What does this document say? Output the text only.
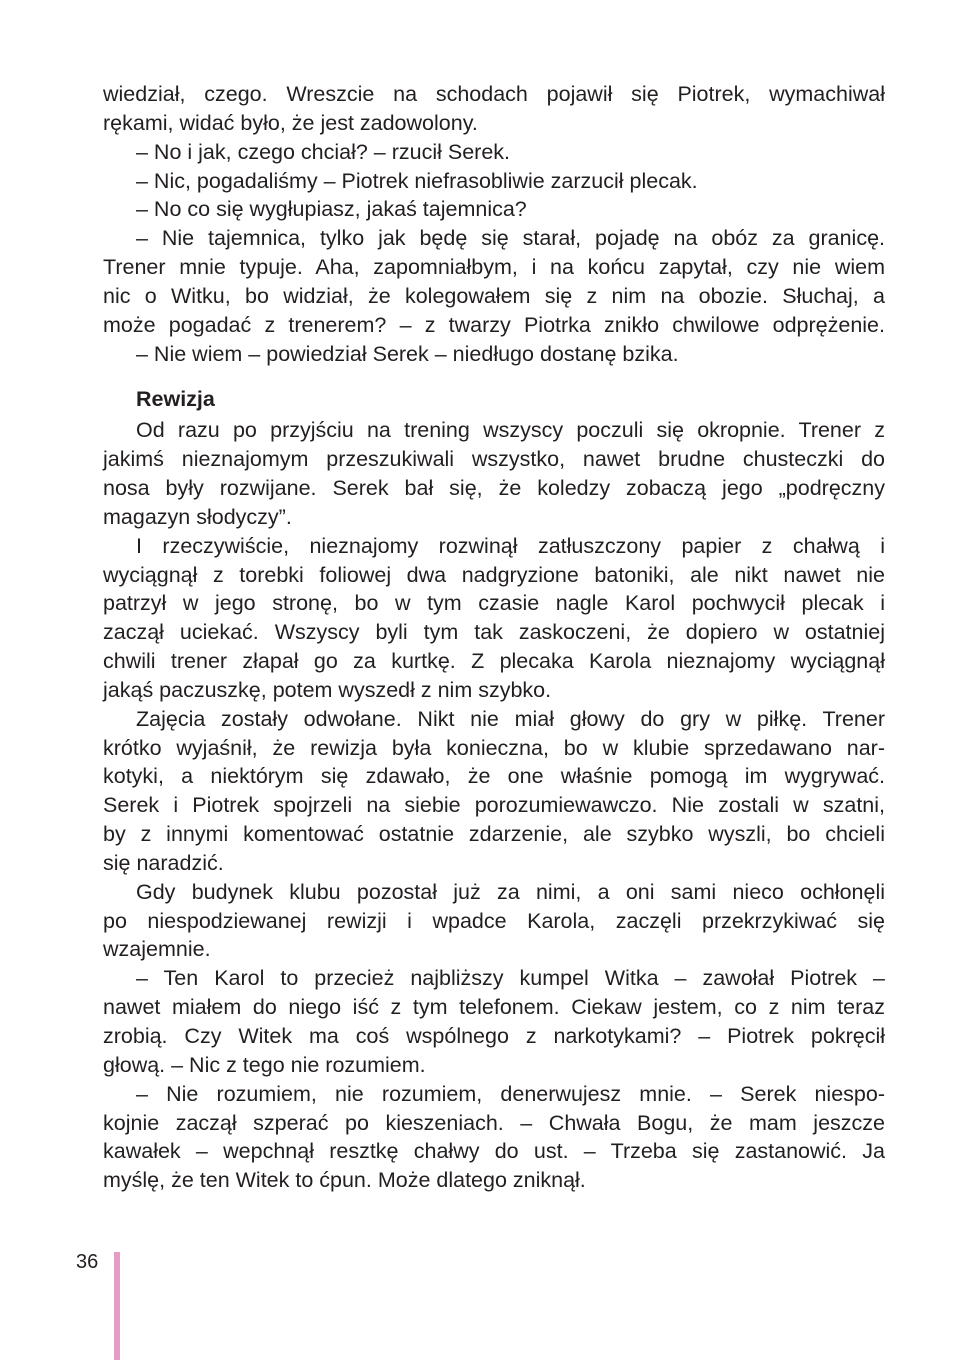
wiedział, czego. Wreszcie na schodach pojawił się Piotrek, wymachiwał
rękami, widać było, że jest zadowolony.
– No i jak, czego chciał? – rzucił Serek.
– Nic, pogadaliśmy – Piotrek niefrasobliwie zarzucił plecak.
– No co się wygłupiasz, jakaś tajemnica?
– Nie tajemnica, tylko jak będę się starał, pojadę na obóz za granicę.
Trener mnie typuje. Aha, zapomniałbym, i na końcu zapytał, czy nie wiem
nic o Witku, bo widział, że kolegowałem się z nim na obozie. Słuchaj, a
może pogadać z trenerem? – z twarzy Piotrka znikło chwilowe odprężenie.
– Nie wiem – powiedział Serek – niedługo dostanę bzika.
Rewizja
Od razu po przyjściu na trening wszyscy poczuli się okropnie. Trener z
jakimś nieznajomym przeszukiwali wszystko, nawet brudne chusteczki do
nosa były rozwijane. Serek bał się, że koledzy zobaczą jego „podręczny
magazyn słodyczy”.
I rzeczywiście, nieznajomy rozwinął zatłuszczony papier z chałwą i
wyciągnął z torebki foliowej dwa nadgryzione batoniki, ale nikt nawet nie
patrzył w jego stronę, bo w tym czasie nagle Karol pochwycił plecak i
zaczął uciekać. Wszyscy byli tym tak zaskoczeni, że dopiero w ostatniej
chwili trener złapał go za kurtkę. Z plecaka Karola nieznajomy wyciągnął
jakąś paczuszkę, potem wyszedł z nim szybko.
Zajęcia zostały odwołane. Nikt nie miał głowy do gry w piłkę. Trener
krótko wyjaśnił, że rewizja była konieczna, bo w klubie sprzedawano nar-
kotyki, a niektórym się zdawało, że one właśnie pomogą im wygrywać.
Serek i Piotrek spojrzeli na siebie porozumiewawczo. Nie zostali w szatni,
by z innymi komentować ostatnie zdarzenie, ale szybko wyszli, bo chcieli
się naradzić.
Gdy budynek klubu pozostał już za nimi, a oni sami nieco ochłonęli
po niespodziewanej rewizji i wpadce Karola, zaczęli przekrzykiwać się
wzajemnie.
– Ten Karol to przecież najbliższy kumpel Witka – zawołał Piotrek –
nawet miałem do niego iść z tym telefonem. Ciekaw jestem, co z nim teraz
zrobią. Czy Witek ma coś wspólnego z narkotykami? – Piotrek pokręcił
głową. – Nic z tego nie rozumiem.
– Nie rozumiem, nie rozumiem, denerwujesz mnie. – Serek niespo-
kojnie zaczął szperać po kieszeniach. – Chwała Bogu, że mam jeszcze
kawałek – wepchnął resztkę chałwy do ust. – Trzeba się zastanowić. Ja
myślę, że ten Witek to ćpun. Może dlatego zniknął.
36
